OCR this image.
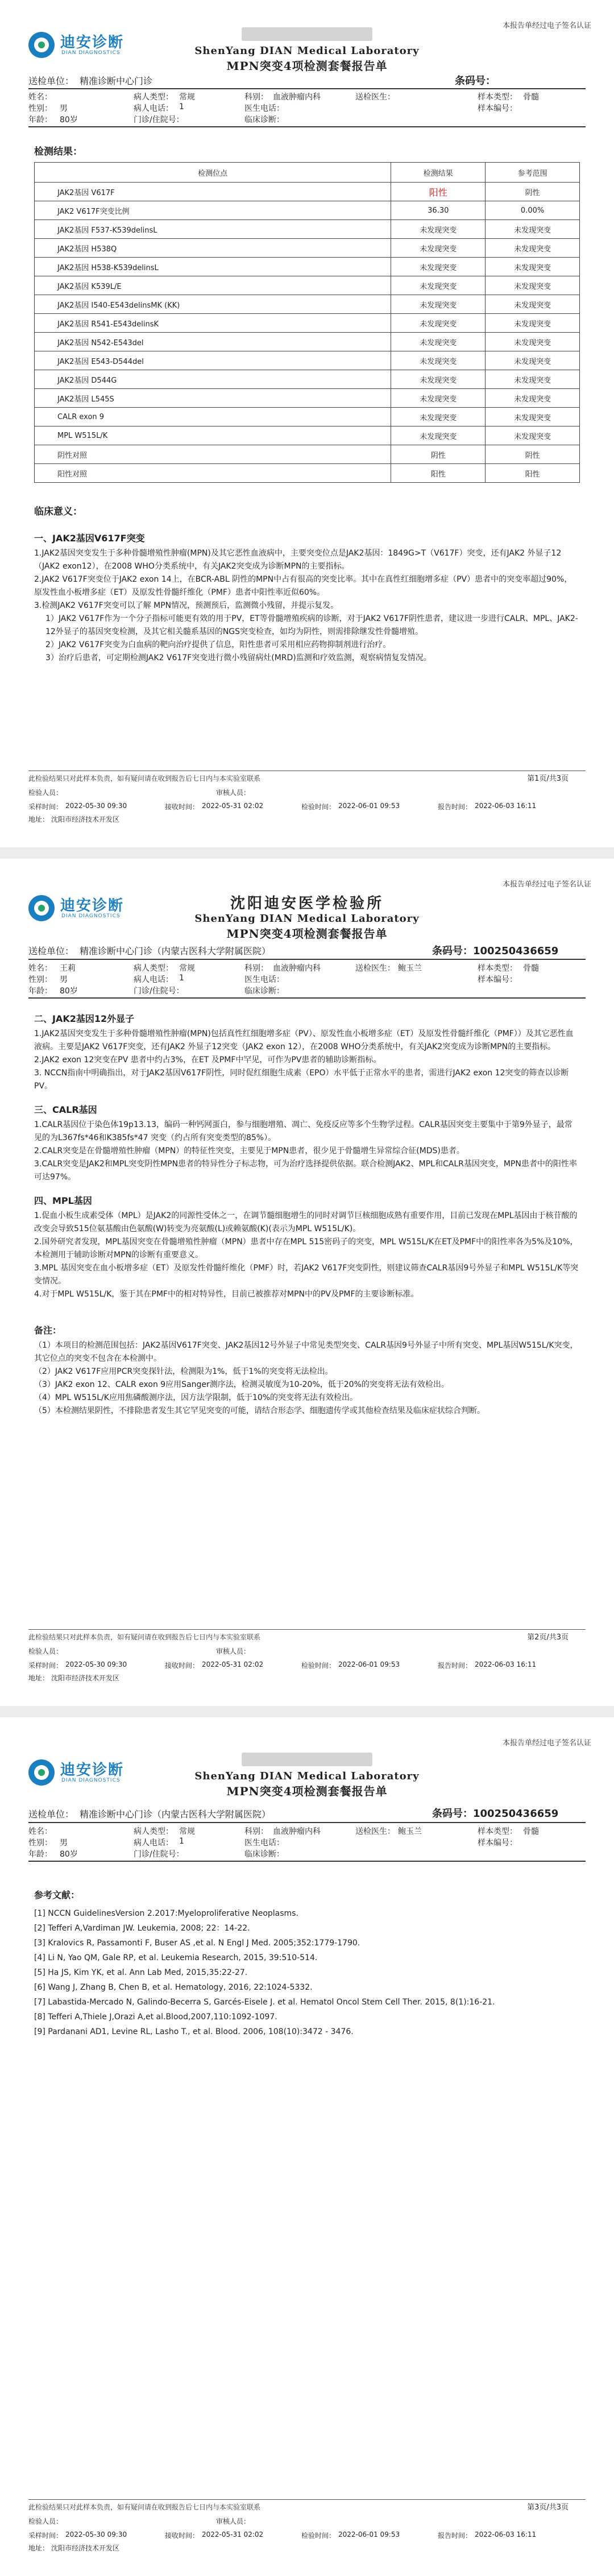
本报告单经过电子签名认证
迪安诊断
DIAN DIAGNOSTICS	ShenYang DIAN Medical Laboratory
MPN突变4项检测套餐报告单
条码号：
送检单位： 精准诊断中心门诊
姓名：	病人类型： 常规	科别： 血液肿瘤内科	送检医生：	样本类型： 骨髓
性别： 男	病人电话： 1	医生电话：	样本编号：
年龄： 80岁	门诊/住院号：	临床诊断：
检测结果：
检测位点	检测结果	参考范围
JAK2基因 V617F	阳性	阴性
JAK2 V617F突变比例	36.30	0.00%
JAK2基因 F537-K539delinsL	未发现突变	未发现突变
JAK2基因 H538Q	未发现突变	未发现突变
JAK2基因 H538-K539delinsL	未发现突变	未发现突变
JAK2基因 K539L/E	未发现突变	未发现突变
JAK2基因 I540-E543delinsMK (KK)	未发现突变	未发现突变
JAK2基因 R541-E543delinsK	未发现突变	未发现突变
JAK2基因 N542-E543del	未发现突变	未发现突变
JAK2基因 E543-D544del	未发现突变	未发现突变
JAK2基因 D544G	未发现突变	未发现突变
JAK2基因 L545S	未发现突变	未发现突变
CALR exon 9	未发现突变	未发现突变
MPL W515L/K	未发现突变	未发现突变
阴性对照	阴性	阴性
阳性对照	阳性	阳性
临床意义：

一、JAK2基因V617F突变

1.JAK2基因突变发生于多种骨髓增殖性肿瘤(MPN)及其它恶性血液病中，主要突变位点是JAK2基因：1849G>T（V617F）突变，还有JAK2 外显子12（JAK2 exon12），在2008 WHO分类系统中，有关JAK2突变成为诊断MPN的主要指标。

2.JAK2 V617F突变位于JAK2 exon 14上，在BCR-ABL 阴性的MPN中占有很高的突变比率。其中在真性红细胞增多症（PV）患者中的突变率超过90%，原发性血小板增多症（ET）及原发性骨髓纤维化（PMF）患者中阳性率近似60%。

3.检测JAK2 V617F突变可以了解 MPN情况，预测预后，监测微小残留，并提示复发。

1）JAK2 V617F作为一个分子指标可能更有效的用于PV，ET等骨髓增殖疾病的诊断，对于JAK2 V617F阴性患者，建议进一步进行CALR、MPL、JAK2-12外显子的基因突变检测，及其它相关髓系基因的NGS突变检查，如均为阴性，则需排除继发性骨髓增殖。

2）JAK2 V617F突变为白血病的靶向治疗提供了信息，阳性患者可采用相应药物抑制剂进行治疗。

3）治疗后患者，可定期检测JAK2 V617F突变进行微小残留病灶(MRD)监测和疗效监测，观察病情复发情况。

此检验结果只对此样本负责，如有疑问请在收到报告后七日内与本实验室联系	第1页/共3页
检验人员：	审核人员：
采样时间： 2022-05-30 09:30	接收时间： 2022-05-31 02:02	检验时间： 2022-06-01 09:53	报告时间： 2022-06-03 16:11
地址： 沈阳市经济技术开发区
本报告单经过电子签名认证
迪安诊断
DIAN DIAGNOSTICS
沈阳迪安医学检验所
ShenYang DIAN Medical Laboratory
MPN突变4项检测套餐报告单
条码号：100250436659
送检单位： 精准诊断中心门诊（内蒙古医科大学附属医院）
姓名： 王莉	病人类型： 常规	科别： 血液肿瘤内科	送检医生： 鲍玉兰	样本类型： 骨髓
性别： 男	病人电话： 1	医生电话：	样本编号：
年龄： 80岁	门诊/住院号：	临床诊断：

二、JAK2基因12外显子

1.JAK2基因突变发生于多种骨髓增殖性肿瘤(MPN)包括真性红细胞增多症（PV）、原发性血小板增多症（ET）及原发性骨髓纤维化（PMF））及其它恶性血液病。主要是JAK2 V617F突变，还有JAK2 外显子12突变（JAK2 exon 12），在2008 WHO分类系统中，有关JAK2突变成为诊断MPN的主要指标。

2.JAK2 exon 12突变在PV 患者中约占3%，在ET 及PMF中罕见，可作为PV患者的辅助诊断指标。

3. NCCN指南中明确指出，对于JAK2基因V617F阴性，同时促红细胞生成素（EPO）水平低于正常水平的患者，需进行JAK2 exon 12突变的筛查以诊断PV。

三、CALR基因

1.CALR基因位于染色体19p13.13，编码一种钙网蛋白，参与细胞增殖、凋亡、免疫反应等多个生物学过程。CALR基因突变主要集中于第9外显子，最常见的为L367fs*46和K385fs*47 突变（约占所有突变类型的85%）。

2.CALR突变是在骨髓增殖性肿瘤（MPN）的特征性突变，主要见于MPN患者，很少见于骨髓增生异常综合征(MDS)患者。

3.CALR突变是JAK2和MPL突变阴性MPN患者的特异性分子标志物，可为治疗选择提供依据。联合检测JAK2、MPL和CALR基因突变，MPN患者中的阳性率可达97%。

四、MPL基因

1.促血小板生成素受体（MPL）是JAK2的同源性受体之一，在调节髓细胞增生的同时对调节巨核细胞成熟有重要作用，目前已发现在MPL基因由于核苷酸的改变会导致515位氨基酸由色氨酸(W)转变为亮氨酸(L)或赖氨酸(K)(表示为MPL W515L/K)。

2.国外研究者发现，MPL基因突变在骨髓增殖性肿瘤（MPN）患者中存在MPL 515密码子的突变，MPL W515L/K在ET及PMF中的阳性率各为5%及10%，本检测用于辅助诊断对MPN的诊断有重要意义。

3.MPL 基因突变在血小板增多症（ET）及原发性骨髓纤维化（PMF）时，若JAK2 V617F突变阴性，则建议筛查CALR基因9号外显子和MPL W515L/K等突变情况。

4.对于MPL W515L/K，鉴于其在PMF中的相对特异性，目前已被推荐对MPN中的PV及PMF的主要诊断标准。

备注：

（1）本项目的检测范围包括：JAK2基因V617F突变、JAK2基因12号外显子中常见类型突变、CALR基因9号外显子中所有突变、MPL基因W515L/K突变，其它位点的突变不包含在本检测中。

（2）JAK2 V617F应用PCR突变探针法，检测限为1%，低于1%的突变将无法检出。

（3）JAK2 exon 12、CALR exon 9应用Sanger测序法，检测灵敏度为10-20%，低于20%的突变将无法有效检出。

（4）MPL W515L/K应用焦磷酸测序法，因方法学限制，低于10%的突变将无法有效检出。

（5）本检测结果阴性，不排除患者发生其它罕见突变的可能，请结合形态学、细胞遗传学或其他检查结果及临床症状综合判断。

此检验结果只对此样本负责，如有疑问请在收到报告后七日内与本实验室联系	第2页/共3页
检验人员：	审核人员：
采样时间： 2022-05-30 09:30	接收时间： 2022-05-31 02:02	检验时间： 2022-06-01 09:53	报告时间： 2022-06-03 16:11
地址： 沈阳市经济技术开发区
本报告单经过电子签名认证
迪安诊断
DIAN DIAGNOSTICS	ShenYang DIAN Medical Laboratory
MPN突变4项检测套餐报告单
条码号：100250436659
送检单位： 精准诊断中心门诊（内蒙古医科大学附属医院）
姓名：	病人类型： 常规	科别： 血液肿瘤内科	送检医生： 鲍玉兰	样本类型： 骨髓
性别： 男	病人电话： 1	医生电话：	样本编号：
年龄： 80岁	门诊/住院号：	临床诊断：

参考文献：

[1] NCCN GuidelinesVersion 2.2017:Myeloproliferative Neoplasms.

[2] Tefferi A,Vardiman JW. Leukemia, 2008; 22：14-22.

[3] Kralovics R, Passamonti F, Buser AS ,et al. N Engl J Med. 2005;352:1779-1790.

[4] Li N, Yao QM, Gale RP, et al. Leukemia Research, 2015, 39:510-514.

[5] Ha JS, Kim YK, et al. Ann Lab Med, 2015,35:22-27.

[6] Wang J, Zhang B, Chen B, et al. Hematology, 2016, 22:1024-5332.

[7] Labastida-Mercado N, Galindo-Becerra S, Garcés-Eisele J. et al. Hematol Oncol Stem Cell Ther. 2015, 8(1):16-21.

[8] Tefferi A,Thiele J,Orazi A,et al.Blood,2007,110:1092-1097.

[9] Pardanani AD1, Levine RL, Lasho T., et al. Blood. 2006, 108(10):3472 - 3476.

此检验结果只对此样本负责，如有疑问请在收到报告后七日内与本实验室联系	第3页/共3页
检验人员：	审核人员：
采样时间： 2022-05-30 09:30	接收时间： 2022-05-31 02:02	检验时间： 2022-06-01 09:53	报告时间： 2022-06-03 16:11
地址： 沈阳市经济技术开发区
